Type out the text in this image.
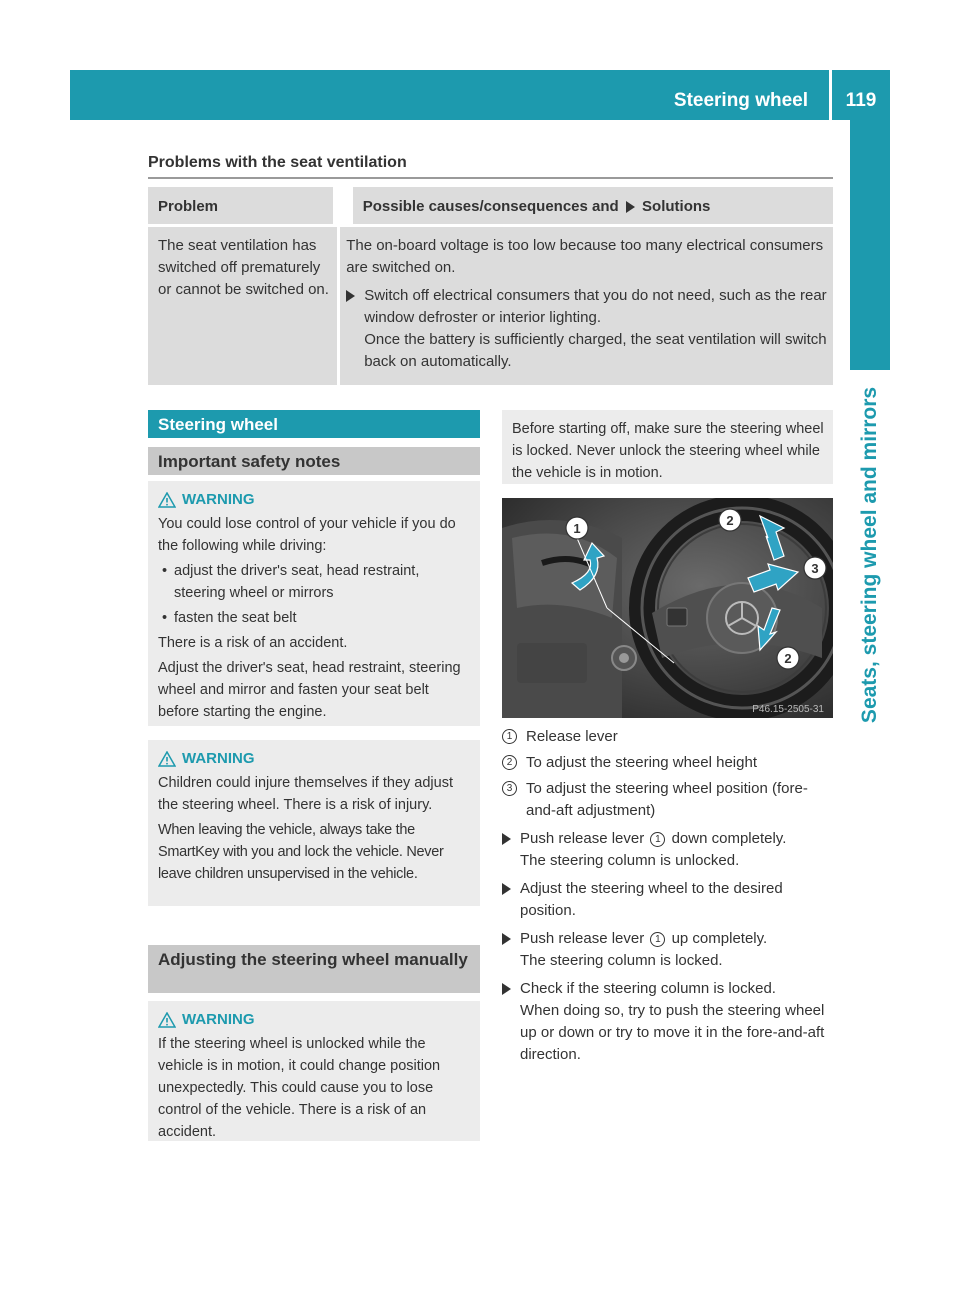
Steering wheel	119
Seats, steering wheel and mirrors
Problems with the seat ventilation
Problem	Possible causes/consequences and Solutions
The seat ventilation has switched off prematurely or cannot be switched on.
The on-board voltage is too low because too many electrical consumers are switched on.
Switch off electrical consumers that you do not need, such as the rear window defroster or interior lighting.
Once the battery is sufficiently charged, the seat ventilation will switch back on automatically.
Steering wheel
Important safety notes
WARNING

You could lose control of your vehicle if you do the following while driving:

• adjust the driver's seat, head restraint, steering wheel or mirrors
• fasten the seat belt

There is a risk of an accident.

Adjust the driver's seat, head restraint, steering wheel and mirror and fasten your seat belt before starting the engine.

WARNING

Children could injure themselves if they adjust the steering wheel. There is a risk of injury.

When leaving the vehicle, always take the SmartKey with you and lock the vehicle. Never leave children unsupervised in the vehicle.

Adjusting the steering wheel manually
WARNING

If the steering wheel is unlocked while the vehicle is in motion, it could change position unexpectedly. This could cause you to lose control of the vehicle. There is a risk of an accident.

Before starting off, make sure the steering wheel is locked. Never unlock the steering wheel while the vehicle is in motion.

1
2
3
2
P46.15-2505-31
1 Release lever
2 To adjust the steering wheel height
3 To adjust the steering wheel position (fore-and-aft adjustment)
Push release lever 1 down completely.
The steering column is unlocked.
Adjust the steering wheel to the desired position.
Push release lever 1 up completely.
The steering column is locked.
Check if the steering column is locked.
When doing so, try to push the steering wheel up or down or try to move it in the fore-and-aft direction.
